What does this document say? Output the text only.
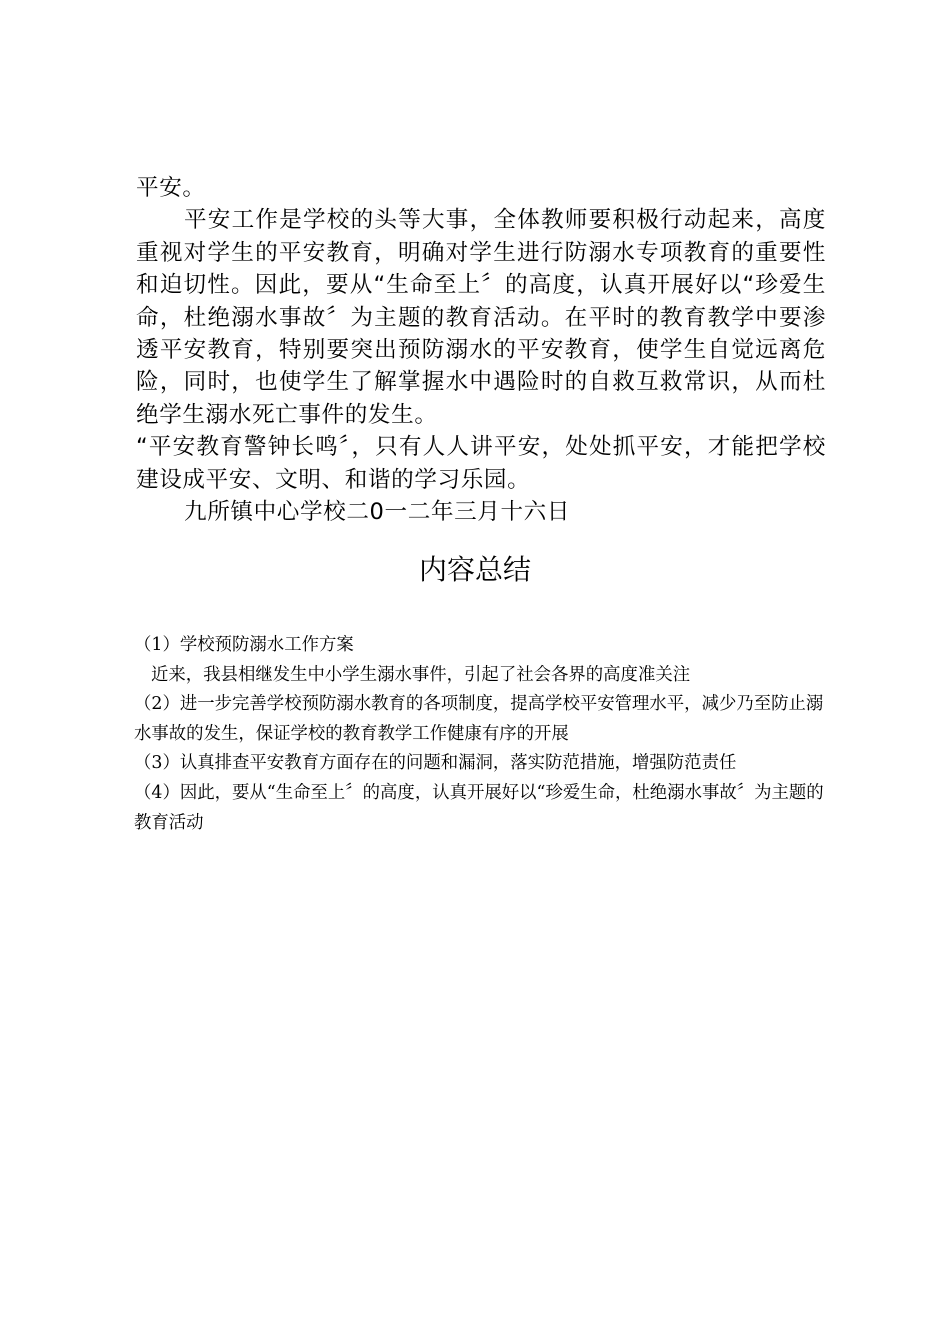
平安。

平安工作是学校的头等大事，全体教师要积极行动起来，高度重视对学生的平安教育，明确对学生进行防溺水专项教育的重要性和迫切性。因此，要从“生命至上〞的高度，认真开展好以“珍爱生命，杜绝溺水事故〞为主题的教育活动。在平时的教育教学中要渗透平安教育，特别要突出预防溺水的平安教育，使学生自觉远离危险，同时，也使学生了解掌握水中遇险时的自救互救常识，从而杜绝学生溺水死亡事件的发生。

“平安教育警钟长鸣〞，只有人人讲平安，处处抓平安，才能把学校建设成平安、文明、和谐的学习乐园。

九所镇中心学校二0一二年三月十六日

内容总结

（1）学校预防溺水工作方案

近来，我县相继发生中小学生溺水事件，引起了社会各界的高度准关注

（2）进一步完善学校预防溺水教育的各项制度，提高学校平安管理水平，减少乃至防止溺水事故的发生，保证学校的教育教学工作健康有序的开展

（3）认真排查平安教育方面存在的问题和漏洞，落实防范措施，增强防范责任

（4）因此，要从“生命至上〞的高度，认真开展好以“珍爱生命，杜绝溺水事故〞为主题的教育活动
